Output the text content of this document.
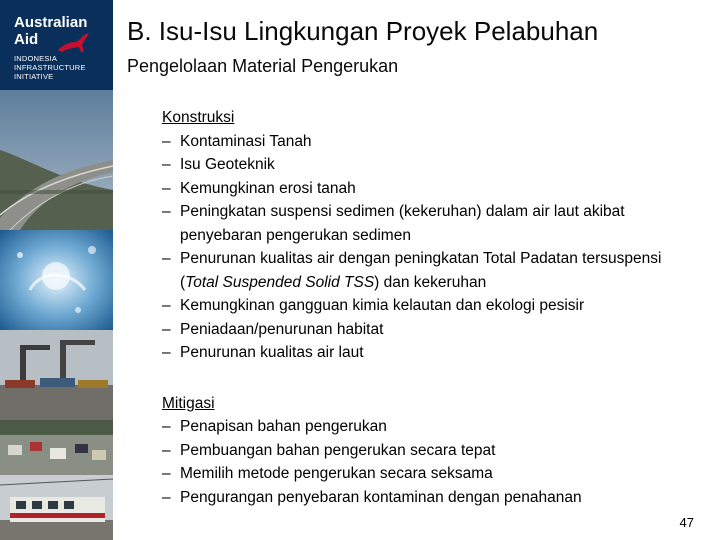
Australian Aid
INDONESIA
INFRASTRUCTURE
INITIATIVE
B. Isu-Isu Lingkungan Proyek Pelabuhan
Pengelolaan Material Pengerukan
Konstruksi
– Kontaminasi Tanah
– Isu Geoteknik
– Kemungkinan erosi tanah
– Peningkatan suspensi sedimen (kekeruhan) dalam air laut akibat penyebaran pengerukan sedimen
– Penurunan kualitas air dengan peningkatan Total Padatan tersuspensi (Total Suspended Solid TSS) dan kekeruhan
– Kemungkinan gangguan kimia kelautan dan ekologi pesisir
– Peniadaan/penurunan habitat
– Penurunan kualitas air laut
Mitigasi
– Penapisan bahan pengerukan
– Pembuangan bahan pengerukan secara tepat
– Memilih metode pengerukan secara seksama
– Pengurangan penyebaran kontaminan dengan penahanan
47
